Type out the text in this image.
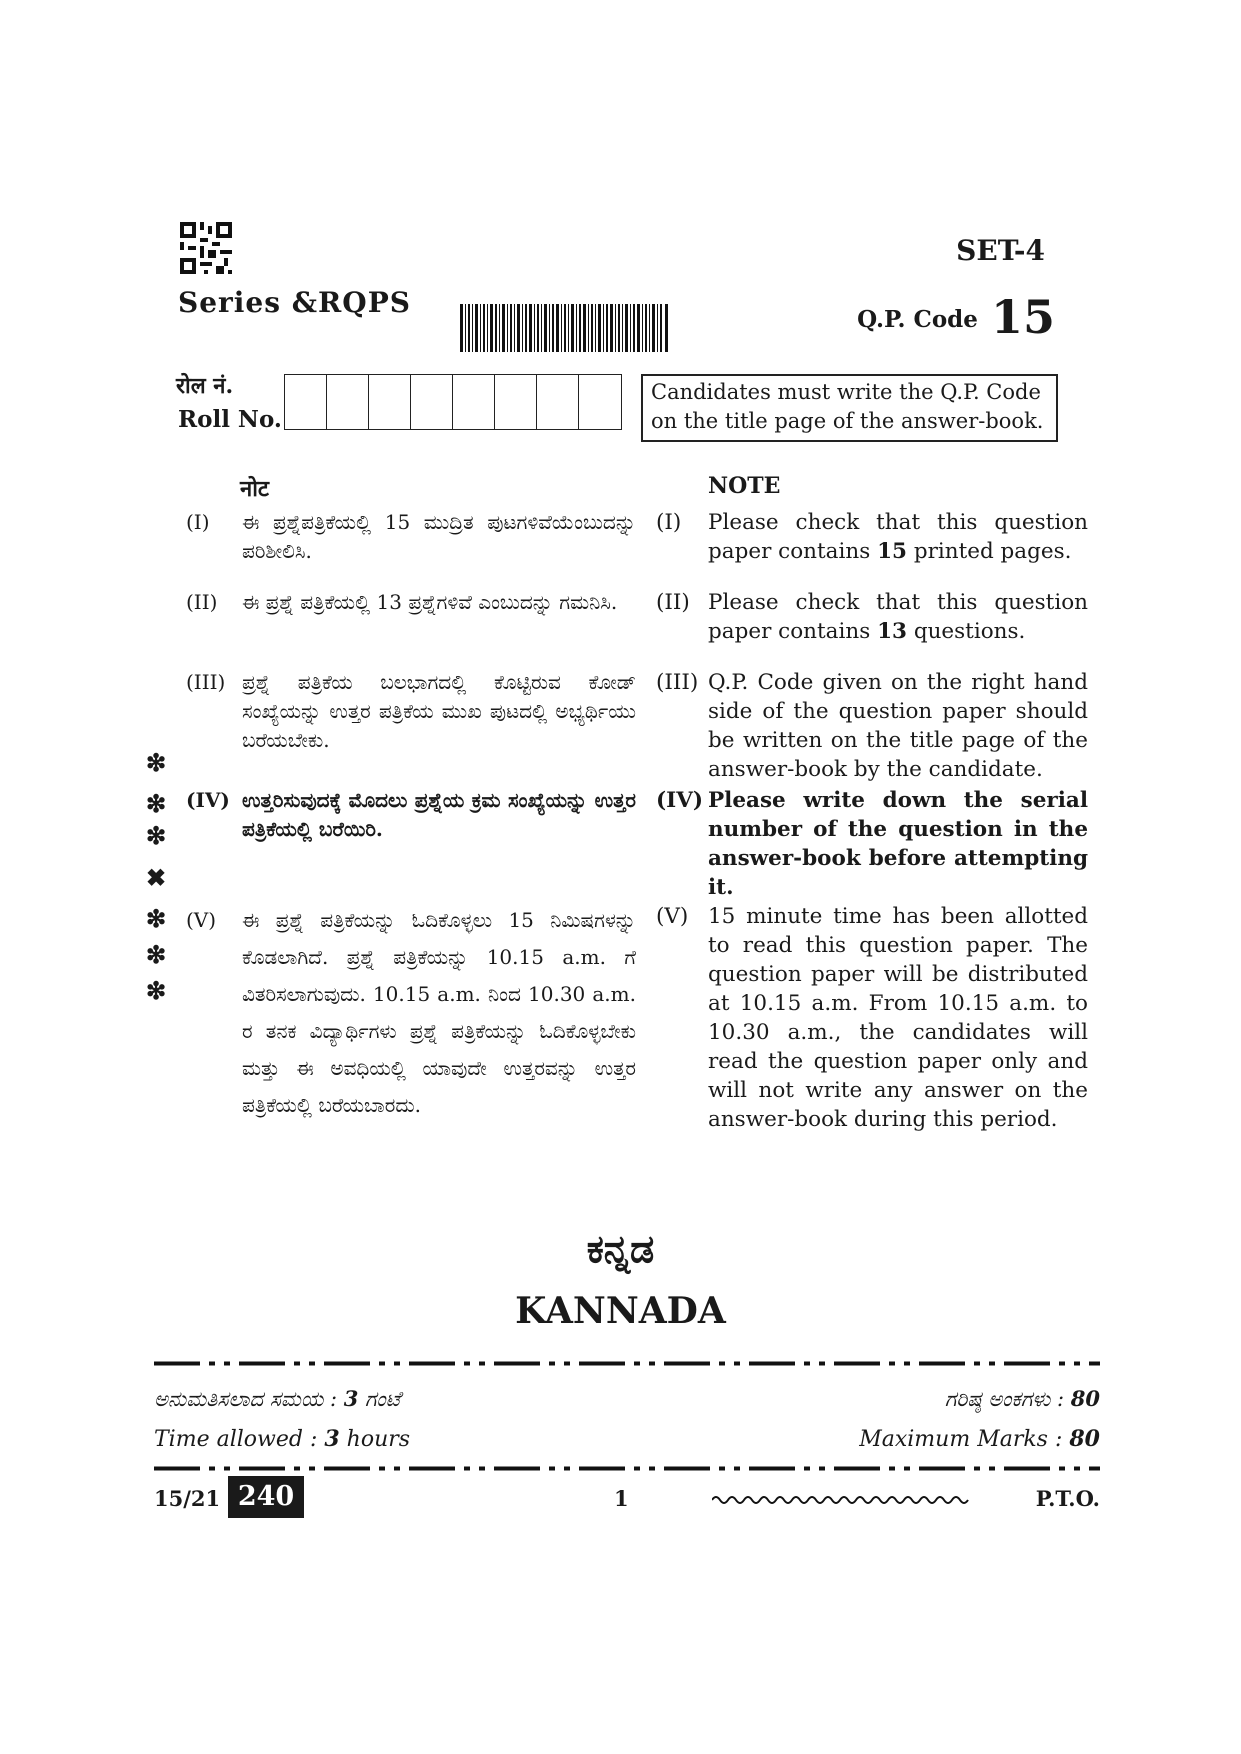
SET-4
Series &RQPS
Q.P. Code 15
रोल नं.
Roll No.
Candidates must write the Q.P. Code on the title page of the answer-book.
नोट
(I) ಈ ಪ್ರಶ್ನೆಪತ್ರಿಕೆಯಲ್ಲಿ 15 ಮುದ್ರಿತ ಪುಟಗಳಿವೆಯೆಂಬುದನ್ನು ಪರಿಶೀಲಿಸಿ.
(II) ಈ ಪ್ರಶ್ನೆ ಪತ್ರಿಕೆಯಲ್ಲಿ 13 ಪ್ರಶ್ನೆಗಳಿವೆ ಎಂಬುದನ್ನು ಗಮನಿಸಿ.
(III) ಪ್ರಶ್ನೆ ಪತ್ರಿಕೆಯ ಬಲಭಾಗದಲ್ಲಿ ಕೊಟ್ಟಿರುವ ಕೋಡ್ ಸಂಖ್ಯೆಯನ್ನು ಉತ್ತರ ಪತ್ರಿಕೆಯ ಮುಖ ಪುಟದಲ್ಲಿ ಅಭ್ಯರ್ಥಿಯು ಬರೆಯಬೇಕು.
(IV) ಉತ್ತರಿಸುವುದಕ್ಕೆ ಮೊದಲು ಪ್ರಶ್ನೆಯ ಕ್ರಮ ಸಂಖ್ಯೆಯನ್ನು ಉತ್ತರ ಪತ್ರಿಕೆಯಲ್ಲಿ ಬರೆಯಿರಿ.
(V) ಈ ಪ್ರಶ್ನೆ ಪತ್ರಿಕೆಯನ್ನು ಓದಿಕೊಳ್ಳಲು 15 ನಿಮಿಷಗಳನ್ನು ಕೊಡಲಾಗಿದೆ. ಪ್ರಶ್ನೆ ಪತ್ರಿಕೆಯನ್ನು 10.15 a.m. ಗೆ ವಿತರಿಸಲಾಗುವುದು. 10.15 a.m. ನಿಂದ 10.30 a.m. ರ ತನಕ ವಿದ್ಯಾರ್ಥಿಗಳು ಪ್ರಶ್ನೆ ಪತ್ರಿಕೆಯನ್ನು ಓದಿಕೊಳ್ಳಬೇಕು ಮತ್ತು ಈ ಅವಧಿಯಲ್ಲಿ ಯಾವುದೇ ಉತ್ತರವನ್ನು ಉತ್ತರ ಪತ್ರಿಕೆಯಲ್ಲಿ ಬರೆಯಬಾರದು.
NOTE
(I) Please check that this question paper contains 15 printed pages.
(II) Please check that this question paper contains 13 questions.
(III) Q.P. Code given on the right hand side of the question paper should be written on the title page of the answer-book by the candidate.
(IV) Please write down the serial number of the question in the answer-book before attempting it.
(V) 15 minute time has been allotted to read this question paper. The question paper will be distributed at 10.15 a.m. From 10.15 a.m. to 10.30 a.m., the candidates will read the question paper only and will not write any answer on the answer-book during this period.
❇
❇
❇
✖
❇
❇
❇
ಕನ್ನಡ
KANNADA
ಅನುಮತಿಸಲಾದ ಸಮಯ : 3 ಗಂಟೆ	ಗರಿಷ್ಠ ಅಂಕಗಳು : 80
Time allowed : 3 hours	Maximum Marks : 80
15/21 240	1	P.T.O.
